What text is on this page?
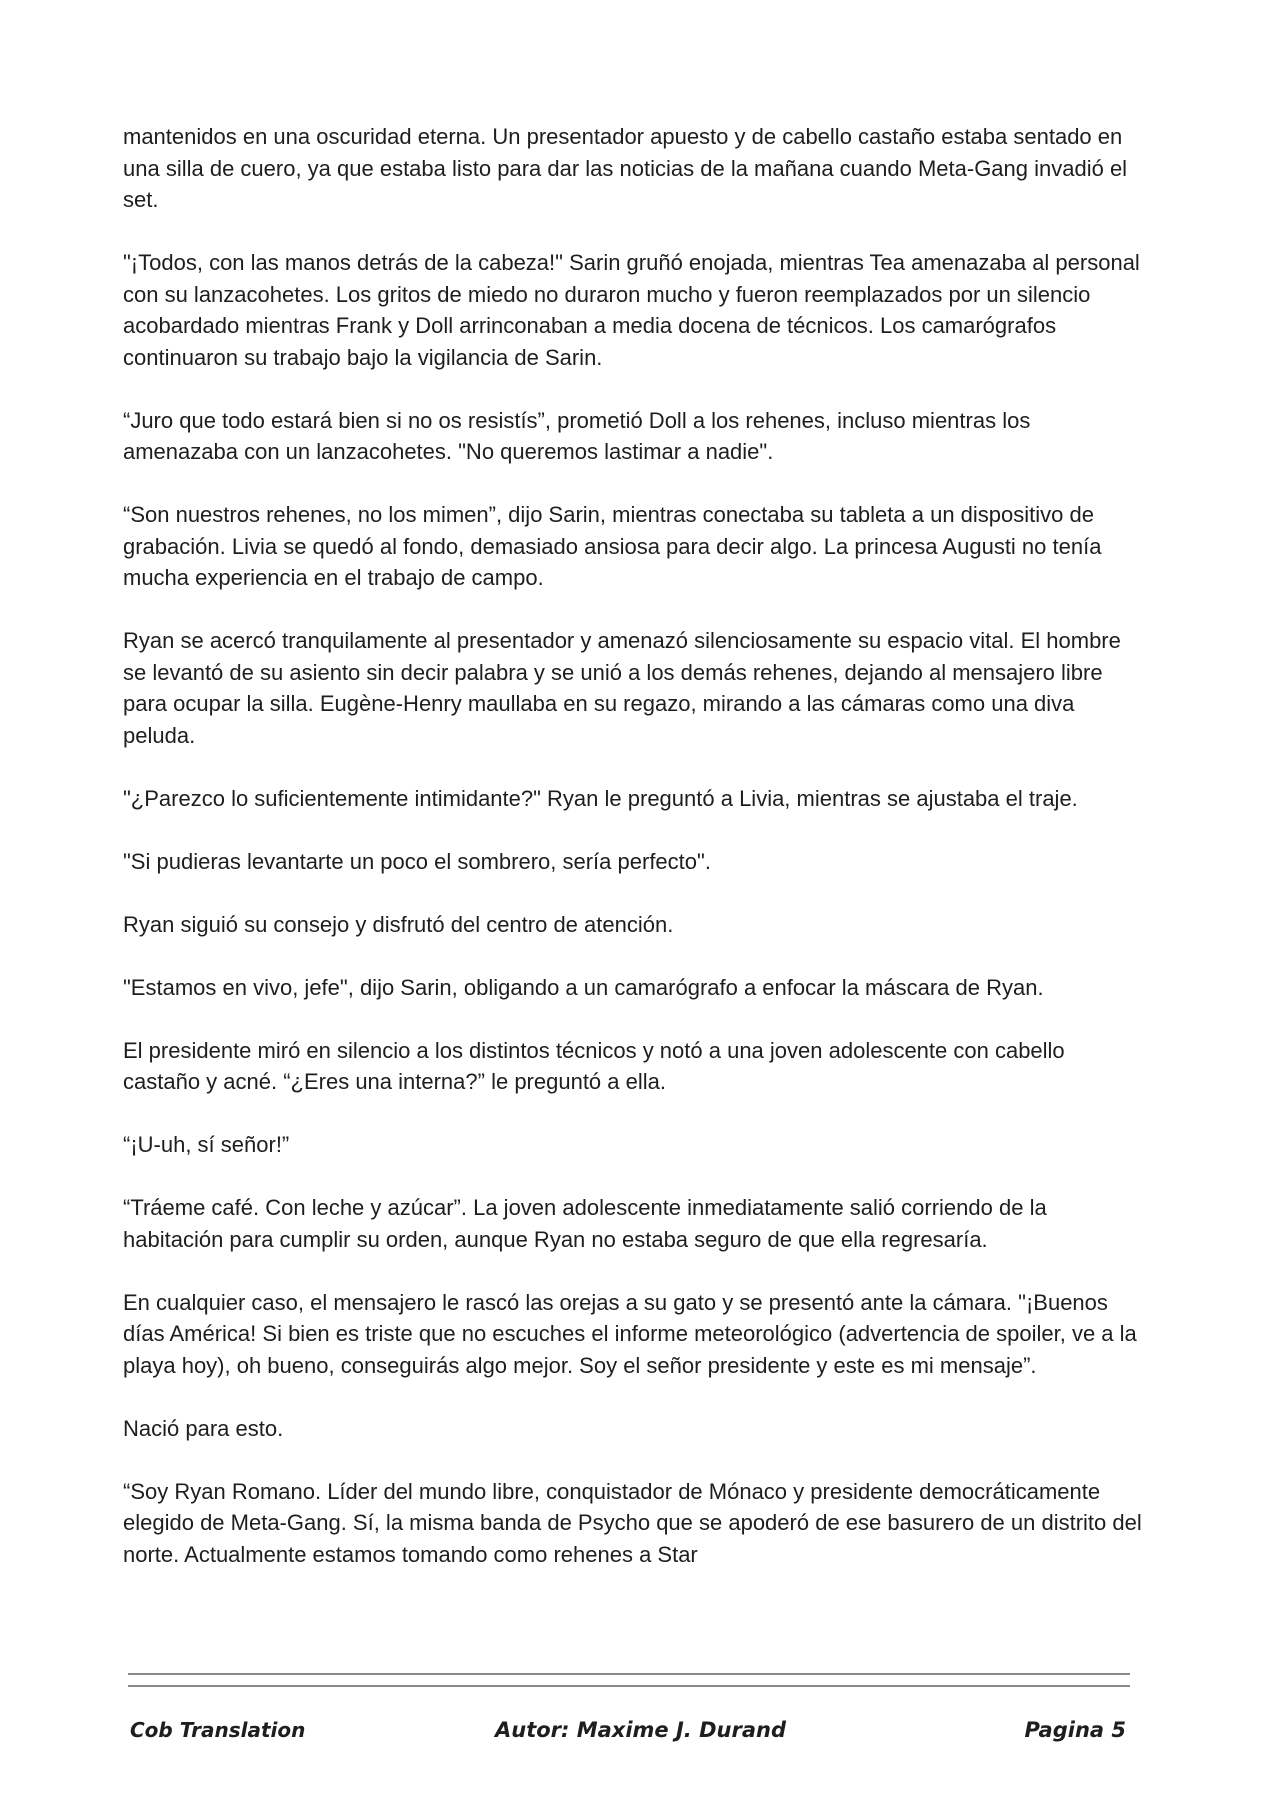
mantenidos en una oscuridad eterna. Un presentador apuesto y de cabello castaño estaba sentado en una silla de cuero, ya que estaba listo para dar las noticias de la mañana cuando Meta-Gang invadió el set.

"¡Todos, con las manos detrás de la cabeza!" Sarin gruñó enojada, mientras Tea amenazaba al personal con su lanzacohetes. Los gritos de miedo no duraron mucho y fueron reemplazados por un silencio acobardado mientras Frank y Doll arrinconaban a media docena de técnicos. Los camarógrafos continuaron su trabajo bajo la vigilancia de Sarin.

“Juro que todo estará bien si no os resistís”, prometió Doll a los rehenes, incluso mientras los amenazaba con un lanzacohetes. "No queremos lastimar a nadie".

“Son nuestros rehenes, no los mimen”, dijo Sarin, mientras conectaba su tableta a un dispositivo de grabación. Livia se quedó al fondo, demasiado ansiosa para decir algo. La princesa Augusti no tenía mucha experiencia en el trabajo de campo.

Ryan se acercó tranquilamente al presentador y amenazó silenciosamente su espacio vital. El hombre se levantó de su asiento sin decir palabra y se unió a los demás rehenes, dejando al mensajero libre para ocupar la silla. Eugène-Henry maullaba en su regazo, mirando a las cámaras como una diva peluda.

"¿Parezco lo suficientemente intimidante?" Ryan le preguntó a Livia, mientras se ajustaba el traje.

"Si pudieras levantarte un poco el sombrero, sería perfecto".

Ryan siguió su consejo y disfrutó del centro de atención.

"Estamos en vivo, jefe", dijo Sarin, obligando a un camarógrafo a enfocar la máscara de Ryan.

El presidente miró en silencio a los distintos técnicos y notó a una joven adolescente con cabello castaño y acné. “¿Eres una interna?” le preguntó a ella.

“¡U-uh, sí señor!”

“Tráeme café. Con leche y azúcar”. La joven adolescente inmediatamente salió corriendo de la habitación para cumplir su orden, aunque Ryan no estaba seguro de que ella regresaría.

En cualquier caso, el mensajero le rascó las orejas a su gato y se presentó ante la cámara. "¡Buenos días América! Si bien es triste que no escuches el informe meteorológico (advertencia de spoiler, ve a la playa hoy), oh bueno, conseguirás algo mejor. Soy el señor presidente y este es mi mensaje”.

Nació para esto.

“Soy Ryan Romano. Líder del mundo libre, conquistador de Mónaco y presidente democráticamente elegido de Meta-Gang. Sí, la misma banda de Psycho que se apoderó de ese basurero de un distrito del norte. Actualmente estamos tomando como rehenes a Star

Cob Translation	Autor: Maxime J. Durand	Pagina 5
